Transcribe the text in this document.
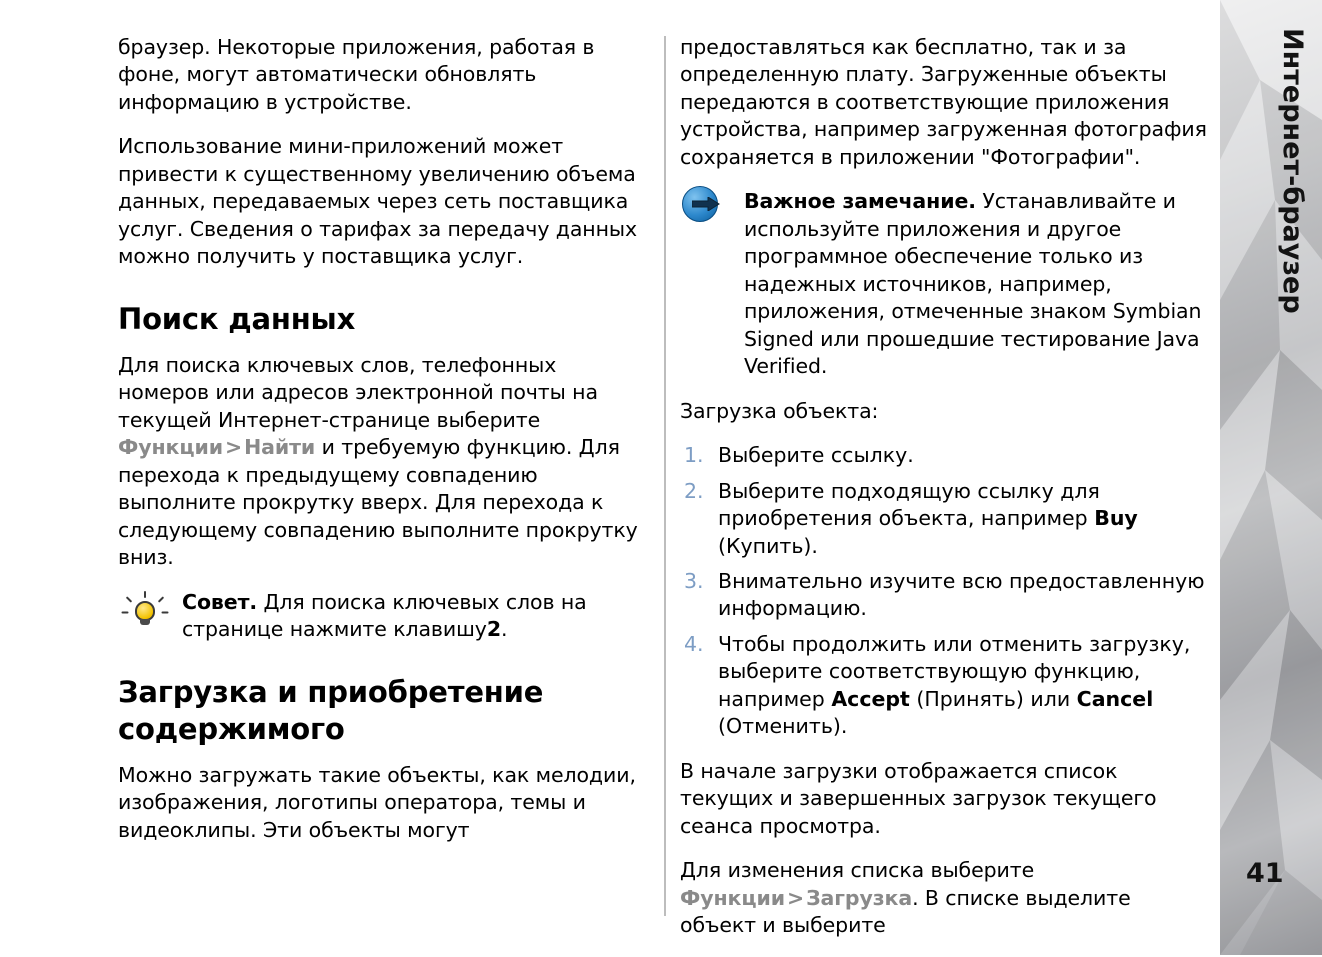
браузер. Некоторые приложения, работая в фоне, могут автоматически обновлять информацию в устройстве.

Использование мини-приложений может привести к существенному увеличению объема данных, передаваемых через сеть поставщика услуг. Сведения о тарифах за передачу данных можно получить у поставщика услуг.

Поиск данных

Для поиска ключевых слов, телефонных номеров или адресов электронной почты на текущей Интернет-странице выберите Функции>Найти и требуемую функцию. Для перехода к предыдущему совпадению выполните прокрутку вверх. Для перехода к следующему совпадению выполните прокрутку вниз.

Совет. Для поиска ключевых слов на странице нажмите клавишу2.

Загрузка и приобретение содержимого

Можно загружать такие объекты, как мелодии, изображения, логотипы оператора, темы и видеоклипы. Эти объекты могут

предоставляться как бесплатно, так и за определенную плату. Загруженные объекты передаются в соответствующие приложения устройства, например загруженная фотография сохраняется в приложении "Фотографии".

Важное замечание. Устанавливайте и используйте приложения и другое программное обеспечение только из надежных источников, например, приложения, отмеченные знаком Symbian Signed или прошедшие тестирование Java Verified.

Загрузка объекта:

Выберите ссылку.
Выберите подходящую ссылку для приобретения объекта, например Buy (Купить).
Внимательно изучите всю предоставленную информацию.
Чтобы продолжить или отменить загрузку, выберите соответствующую функцию, например Accept (Принять) или Cancel (Отменить).

В начале загрузки отображается список текущих и завершенных загрузок текущего сеанса просмотра.

Для изменения списка выберите Функции>Загрузка. В списке выделите объект и выберите

Интернет-браузер
41
